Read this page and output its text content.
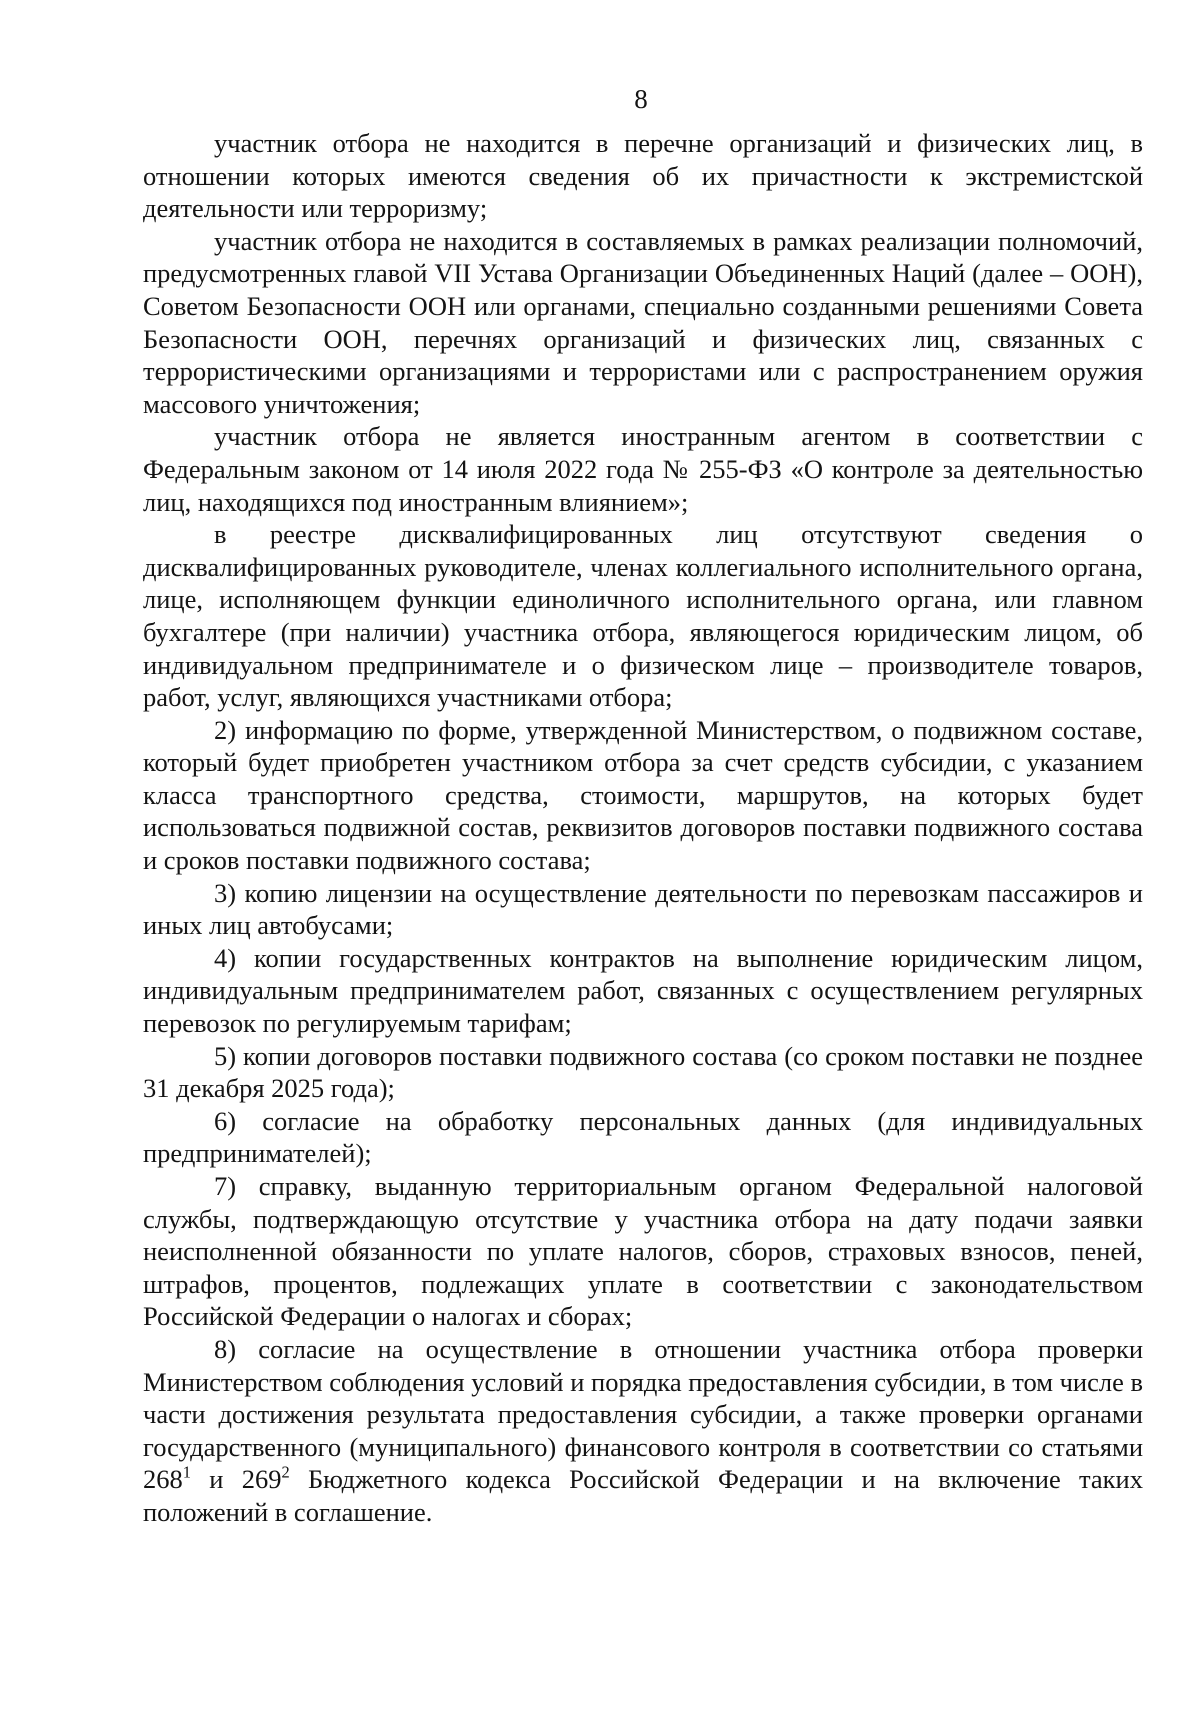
8

участник отбора не находится в перечне организаций и физических лиц, в отношении которых имеются сведения об их причастности к экстремистской деятельности или терроризму;

участник отбора не находится в составляемых в рамках реализации полномочий, предусмотренных главой VII Устава Организации Объединенных Наций (далее – ООН), Советом Безопасности ООН или органами, специально созданными решениями Совета Безопасности ООН, перечнях организаций и физических лиц, связанных с террористическими организациями и террористами или с распространением оружия массового уничтожения;

участник отбора не является иностранным агентом в соответствии с Федеральным законом от 14 июля 2022 года № 255-ФЗ «О контроле за деятельностью лиц, находящихся под иностранным влиянием»;

в реестре дисквалифицированных лиц отсутствуют сведения о дисквалифицированных руководителе, членах коллегиального исполнительного органа, лице, исполняющем функции единоличного исполнительного органа, или главном бухгалтере (при наличии) участника отбора, являющегося юридическим лицом, об индивидуальном предпринимателе и о физическом лице – производителе товаров, работ, услуг, являющихся участниками отбора;

2) информацию по форме, утвержденной Министерством, о подвижном составе, который будет приобретен участником отбора за счет средств субсидии, с указанием класса транспортного средства, стоимости, маршрутов, на которых будет использоваться подвижной состав, реквизитов договоров поставки подвижного состава и сроков поставки подвижного состава;

3) копию лицензии на осуществление деятельности по перевозкам пассажиров и иных лиц автобусами;

4) копии государственных контрактов на выполнение юридическим лицом, индивидуальным предпринимателем работ, связанных с осуществлением регулярных перевозок по регулируемым тарифам;

5) копии договоров поставки подвижного состава (со сроком поставки не позднее 31 декабря 2025 года);

6) согласие на обработку персональных данных (для индивидуальных предпринимателей);

7) справку, выданную территориальным органом Федеральной налоговой службы, подтверждающую отсутствие у участника отбора на дату подачи заявки неисполненной обязанности по уплате налогов, сборов, страховых взносов, пеней, штрафов, процентов, подлежащих уплате в соответствии с законодательством Российской Федерации о налогах и сборах;

8) согласие на осуществление в отношении участника отбора проверки Министерством соблюдения условий и порядка предоставления субсидии, в том числе в части достижения результата предоставления субсидии, а также проверки органами государственного (муниципального) финансового контроля в соответствии со статьями $268^1$ и $269^2$ Бюджетного кодекса Российской Федерации и на включение таких положений в соглашение.
